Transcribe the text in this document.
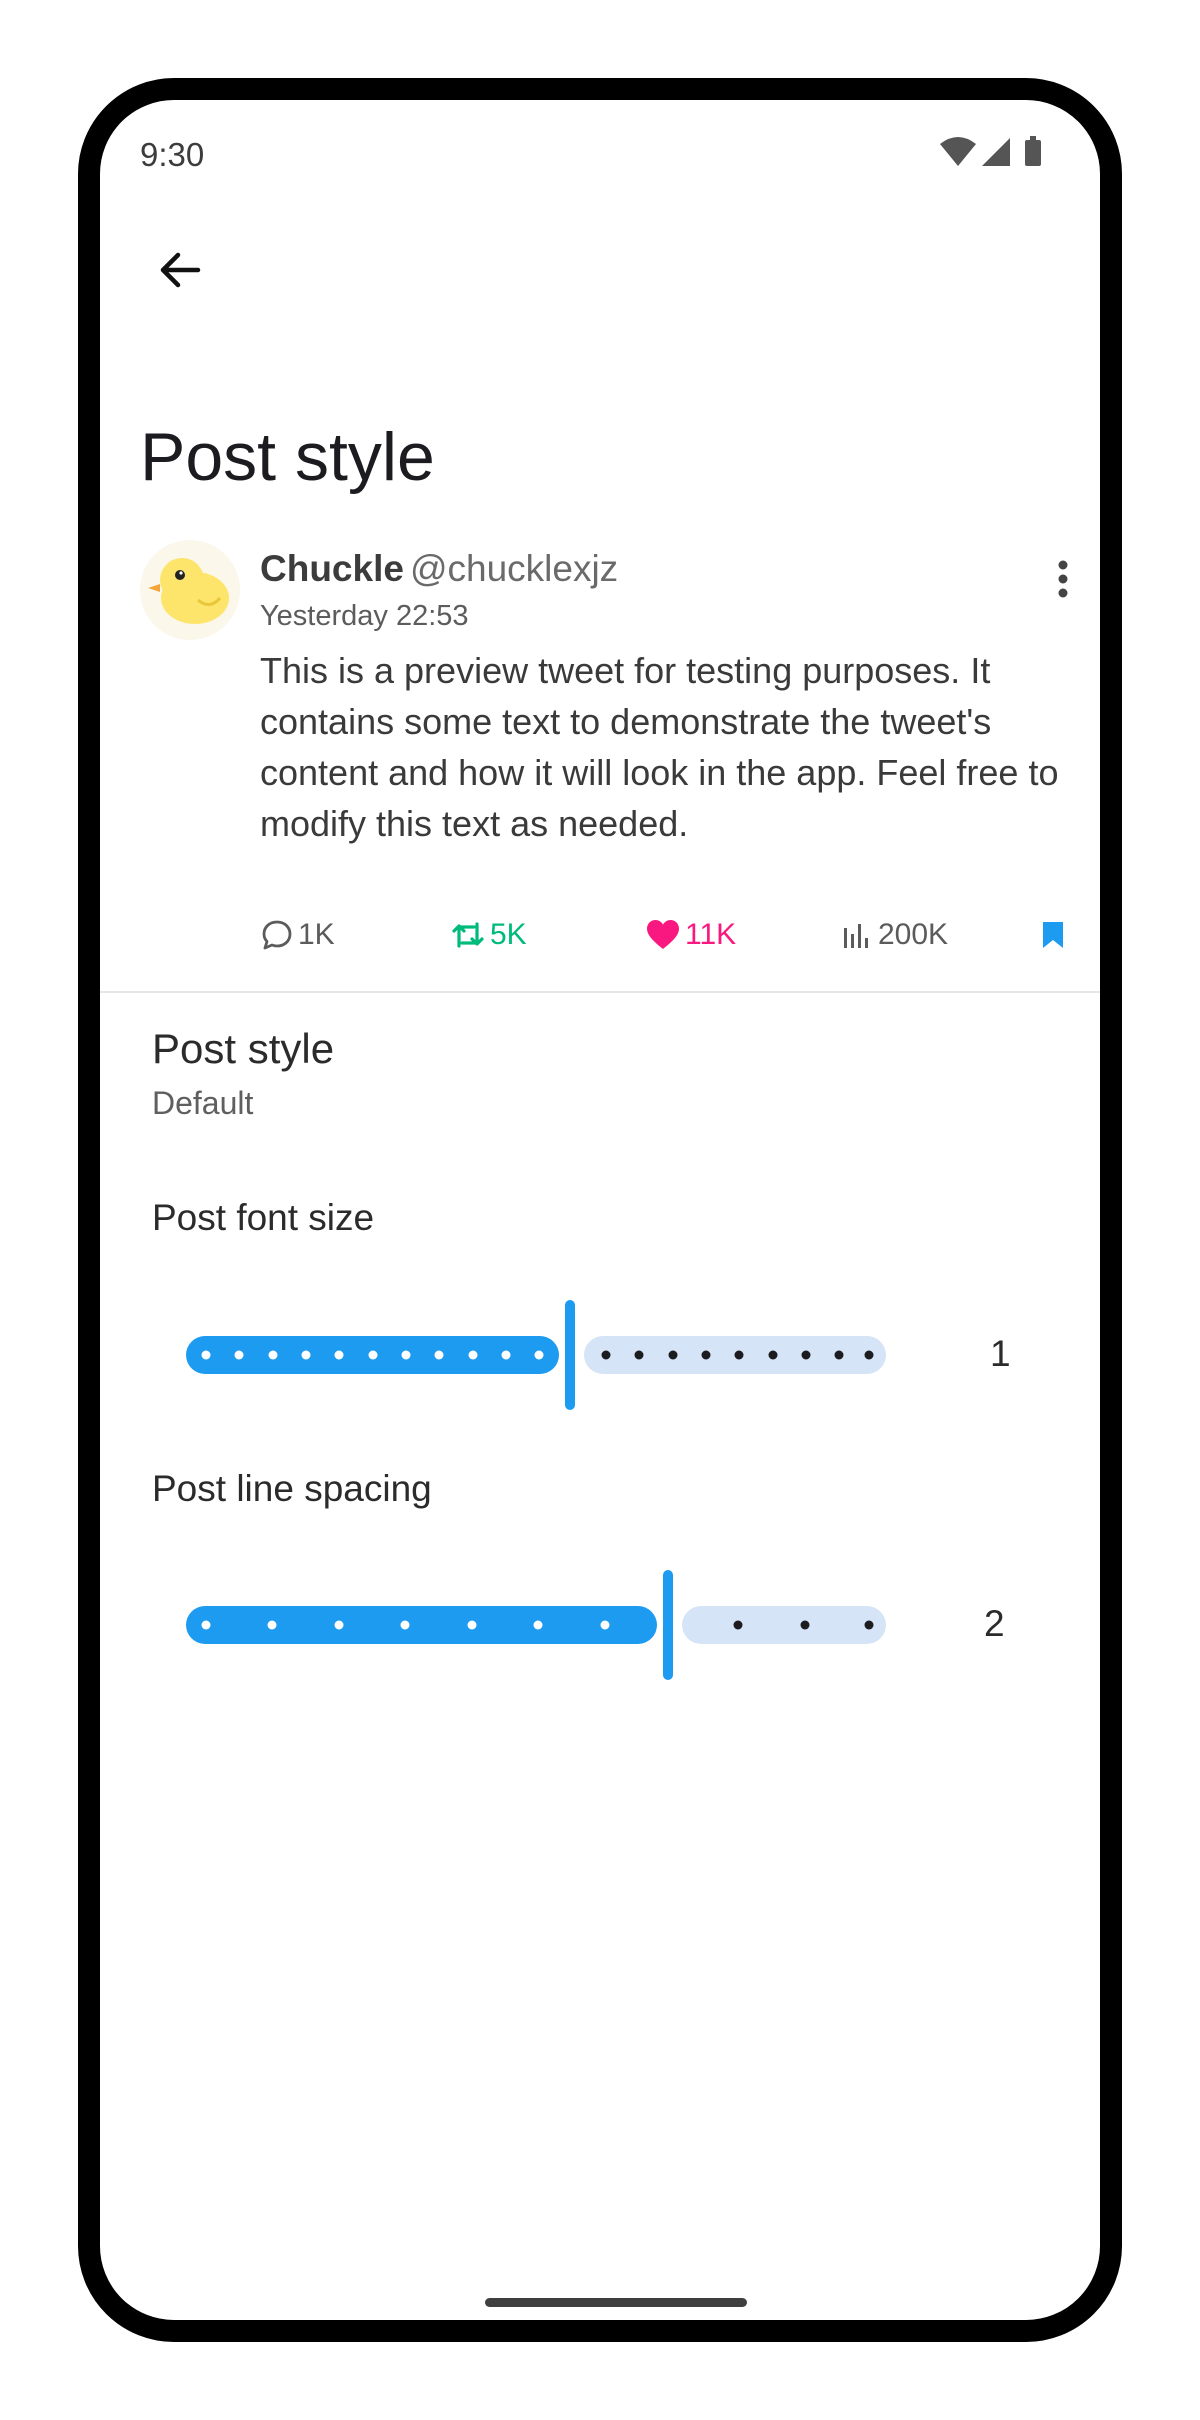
9:30
Post style
Chuckle @chucklexjz
Yesterday 22:53
This is a preview tweet for testing purposes. It contains some text to demonstrate the tweet's content and how it will look in the app. Feel free to modify this text as needed.
1K	5K	11K	200K
Post style
Default
Post font size
1
Post line spacing
2
